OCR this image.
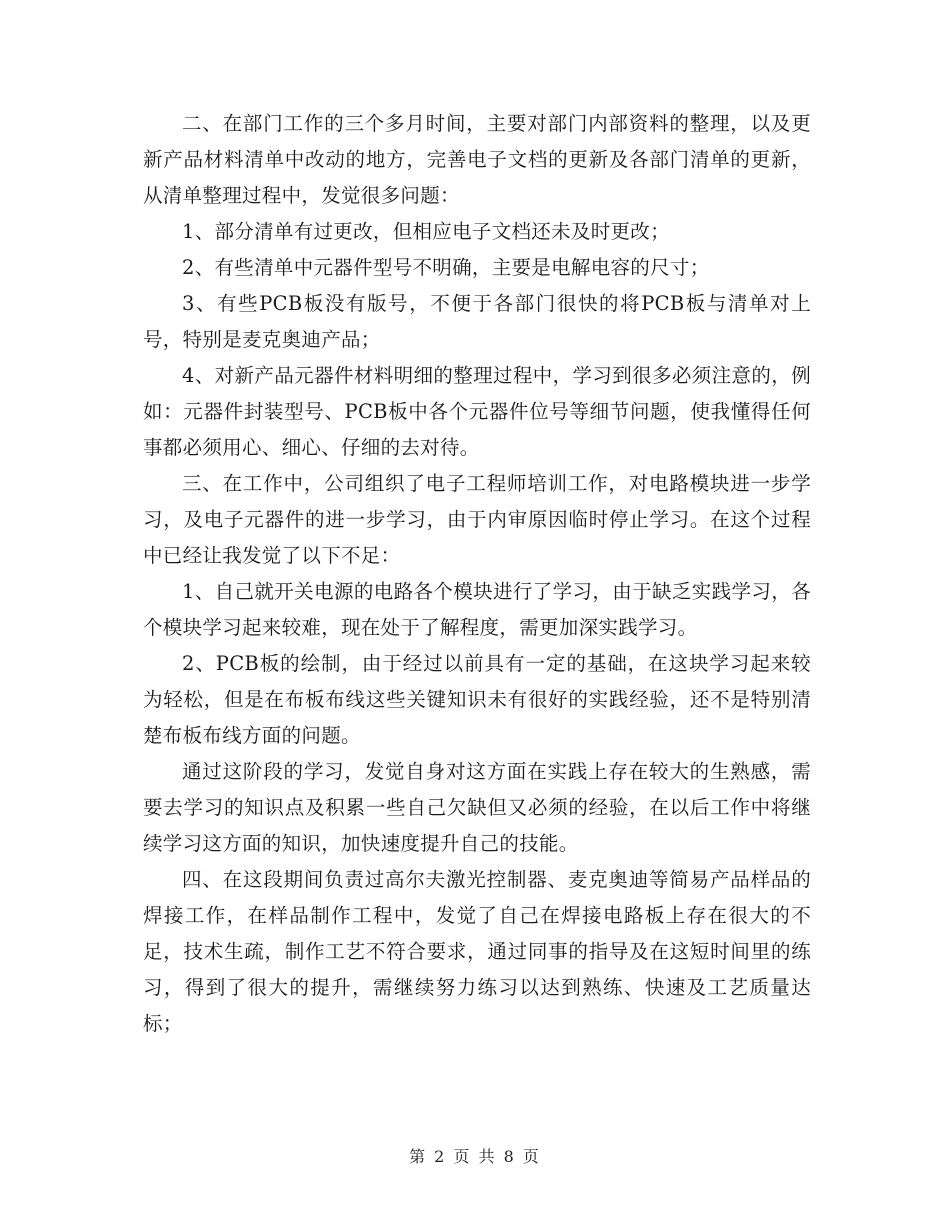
二、在部门工作的三个多月时间，主要对部门内部资料的整理，以及更新产品材料清单中改动的地方，完善电子文档的更新及各部门清单的更新，从清单整理过程中，发觉很多问题：

1、部分清单有过更改，但相应电子文档还未及时更改；

2、有些清单中元器件型号不明确，主要是电解电容的尺寸；

3、有些PCB板没有版号，不便于各部门很快的将PCB板与清单对上号，特别是麦克奥迪产品；

4、对新产品元器件材料明细的整理过程中，学习到很多必须注意的，例如：元器件封装型号、PCB板中各个元器件位号等细节问题，使我懂得任何事都必须用心、细心、仔细的去对待。

三、在工作中，公司组织了电子工程师培训工作，对电路模块进一步学习，及电子元器件的进一步学习，由于内审原因临时停止学习。在这个过程中已经让我发觉了以下不足：

1、自己就开关电源的电路各个模块进行了学习，由于缺乏实践学习，各个模块学习起来较难，现在处于了解程度，需更加深实践学习。

2、PCB板的绘制，由于经过以前具有一定的基础，在这块学习起来较为轻松，但是在布板布线这些关键知识未有很好的实践经验，还不是特别清楚布板布线方面的问题。

通过这阶段的学习，发觉自身对这方面在实践上存在较大的生熟感，需要去学习的知识点及积累一些自己欠缺但又必须的经验，在以后工作中将继续学习这方面的知识，加快速度提升自己的技能。

四、在这段期间负责过高尔夫激光控制器、麦克奥迪等简易产品样品的焊接工作，在样品制作工程中，发觉了自己在焊接电路板上存在很大的不足，技术生疏，制作工艺不符合要求，通过同事的指导及在这短时间里的练习，得到了很大的提升，需继续努力练习以达到熟练、快速及工艺质量达标；

第 2 页 共 8 页
